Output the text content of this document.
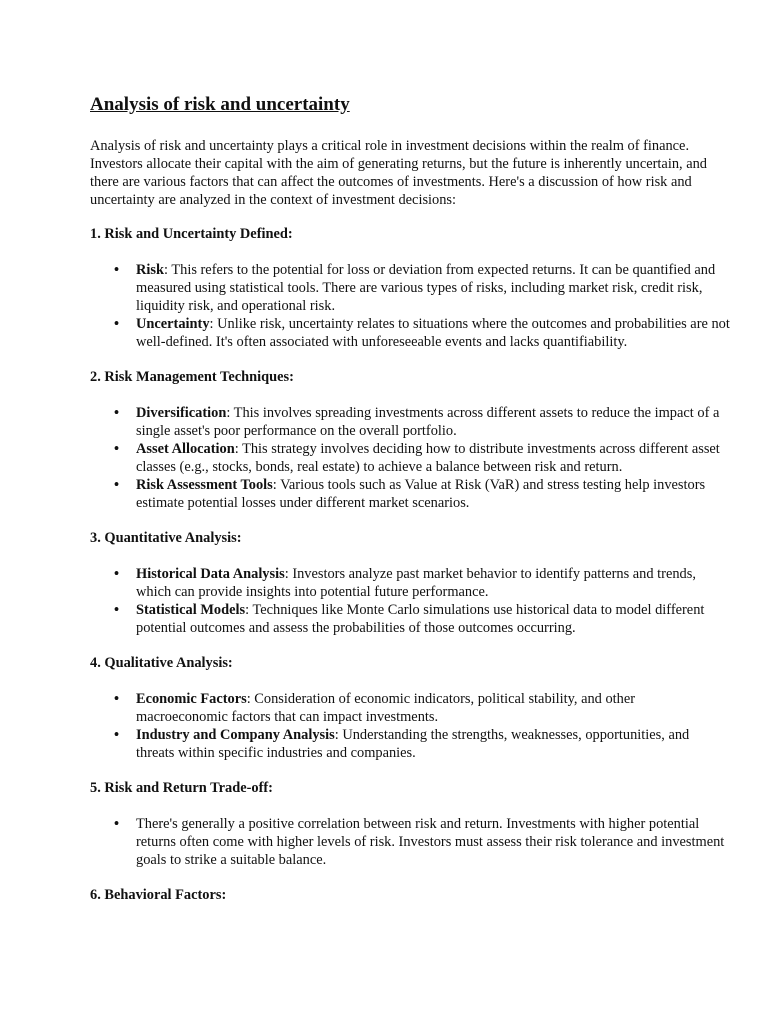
Analysis of risk and uncertainty

Analysis of risk and uncertainty plays a critical role in investment decisions within the realm of finance. Investors allocate their capital with the aim of generating returns, but the future is inherently uncertain, and there are various factors that can affect the outcomes of investments. Here's a discussion of how risk and uncertainty are analyzed in the context of investment decisions:

1. Risk and Uncertainty Defined:
• Risk: This refers to the potential for loss or deviation from expected returns. It can be quantified and measured using statistical tools. There are various types of risks, including market risk, credit risk, liquidity risk, and operational risk.
• Uncertainty: Unlike risk, uncertainty relates to situations where the outcomes and probabilities are not well-defined. It's often associated with unforeseeable events and lacks quantifiability.
2. Risk Management Techniques:
• Diversification: This involves spreading investments across different assets to reduce the impact of a single asset's poor performance on the overall portfolio.
• Asset Allocation: This strategy involves deciding how to distribute investments across different asset classes (e.g., stocks, bonds, real estate) to achieve a balance between risk and return.
• Risk Assessment Tools: Various tools such as Value at Risk (VaR) and stress testing help investors estimate potential losses under different market scenarios.
3. Quantitative Analysis:
• Historical Data Analysis: Investors analyze past market behavior to identify patterns and trends, which can provide insights into potential future performance.
• Statistical Models: Techniques like Monte Carlo simulations use historical data to model different potential outcomes and assess the probabilities of those outcomes occurring.
4. Qualitative Analysis:
• Economic Factors: Consideration of economic indicators, political stability, and other macroeconomic factors that can impact investments.
• Industry and Company Analysis: Understanding the strengths, weaknesses, opportunities, and threats within specific industries and companies.
5. Risk and Return Trade-off:
• There's generally a positive correlation between risk and return. Investments with higher potential returns often come with higher levels of risk. Investors must assess their risk tolerance and investment goals to strike a suitable balance.
6. Behavioral Factors:
